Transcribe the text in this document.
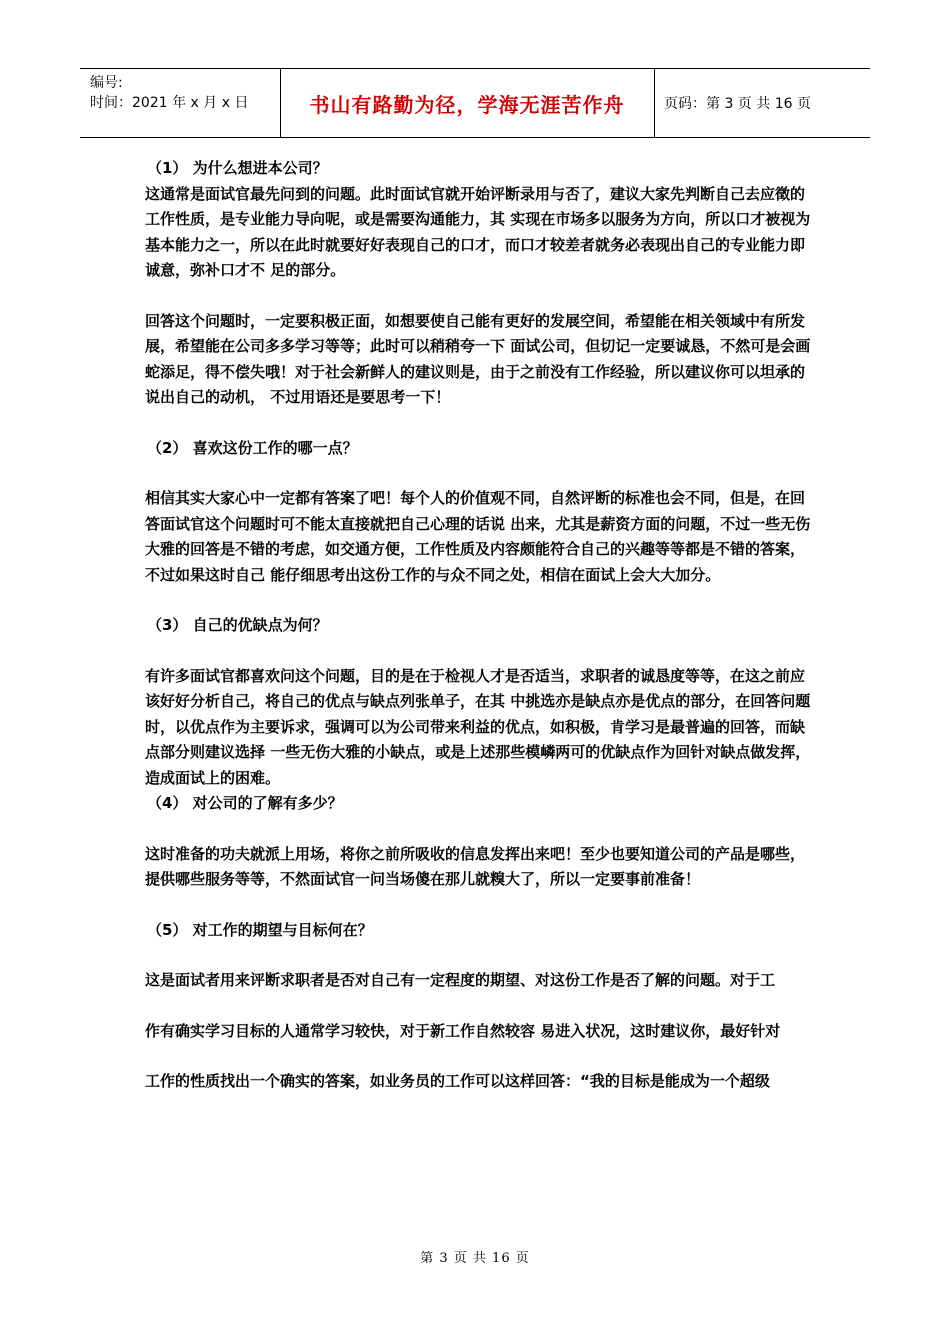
编号:
时间：2021 年 x 月 x 日	书山有路勤为径，学海无涯苦作舟	页码：第 3 页 共 16 页

（1） 为什么想进本公司？

这通常是面试官最先问到的问题。此时面试官就开始评断录用与否了，建议大家先判断自己去应徵的工作性质，是专业能力导向呢，或是需要沟通能力，其 实现在市场多以服务为方向，所以口才被视为基本能力之一，所以在此时就要好好表现自己的口才，而口才较差者就务必表现出自己的专业能力即诚意，弥补口才不 足的部分。

回答这个问题时，一定要积极正面，如想要使自己能有更好的发展空间，希望能在相关领域中有所发展，希望能在公司多多学习等等；此时可以稍稍夸一下 面试公司，但切记一定要诚恳，不然可是会画蛇添足，得不偿失哦！对于社会新鲜人的建议则是，由于之前没有工作经验，所以建议你可以坦承的说出自己的动机， 不过用语还是要思考一下！

（2） 喜欢这份工作的哪一点？

相信其实大家心中一定都有答案了吧！每个人的价值观不同，自然评断的标准也会不同，但是，在回答面试官这个问题时可不能太直接就把自己心理的话说 出来，尤其是薪资方面的问题，不过一些无伤大雅的回答是不错的考虑，如交通方便，工作性质及内容颇能符合自己的兴趣等等都是不错的答案，不过如果这时自己 能仔细思考出这份工作的与众不同之处，相信在面试上会大大加分。

（3） 自己的优缺点为何？

有许多面试官都喜欢问这个问题，目的是在于检视人才是否适当，求职者的诚恳度等等，在这之前应该好好分析自己，将自己的优点与缺点列张单子，在其 中挑选亦是缺点亦是优点的部分，在回答问题时，以优点作为主要诉求，强调可以为公司带来利益的优点，如积极，肯学习是最普遍的回答，而缺点部分则建议选择 一些无伤大雅的小缺点，或是上述那些模嶙两可的优缺点作为回针对缺点做发挥，造成面试上的困难。

（4） 对公司的了解有多少？

这时准备的功夫就派上用场，将你之前所吸收的信息发挥出来吧！至少也要知道公司的产品是哪些，提供哪些服务等等，不然面试官一问当场傻在那儿就糗大了，所以一定要事前准备！

（5） 对工作的期望与目标何在？

这是面试者用来评断求职者是否对自己有一定程度的期望、对这份工作是否了解的问题。对于工

作有确实学习目标的人通常学习较快，对于新工作自然较容 易进入状况，这时建议你，最好针对

工作的性质找出一个确实的答案，如业务员的工作可以这样回答：“我的目标是能成为一个超级

第 3 页 共 16 页
